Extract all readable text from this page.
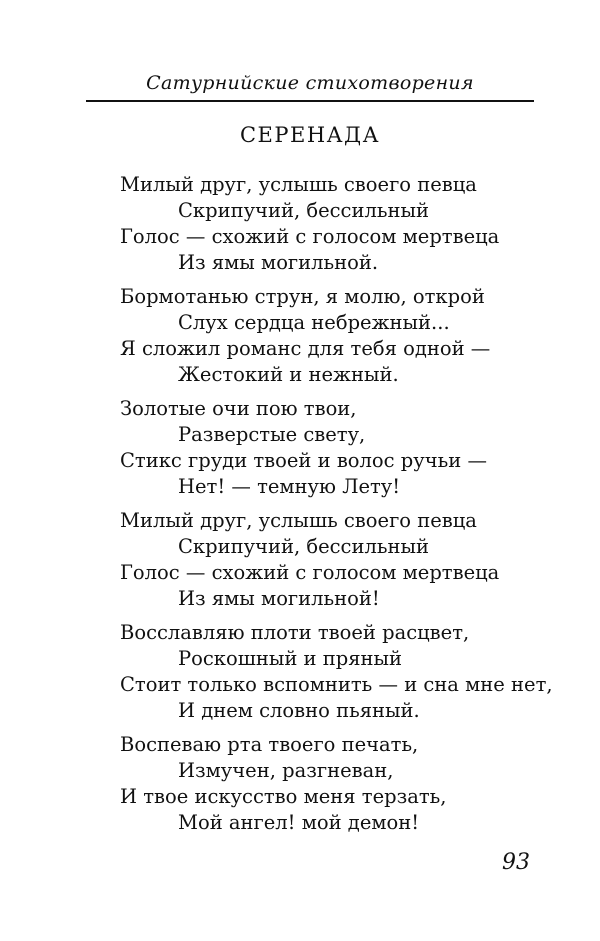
Сатурнийские стихотворения
СЕРЕНАДА
Милый друг, услышь своего певца
Скрипучий, бессильный
Голос — схожий с голосом мертвеца
Из ямы могильной.
Бормотанью струн, я молю, открой
Слух сердца небрежный...
Я сложил романс для тебя одной —
Жестокий и нежный.
Золотые очи пою твои,
Разверстые свету,
Стикс груди твоей и волос ручьи —
Нет! — темную Лету!
Милый друг, услышь своего певца
Скрипучий, бессильный
Голос — схожий с голосом мертвеца
Из ямы могильной!
Восславляю плоти твоей расцвет,
Роскошный и пряный
Стоит только вспомнить — и сна мне нет,
И днем словно пьяный.
Воспеваю рта твоего печать,
Измучен, разгневан,
И твое искусство меня терзать,
Мой ангел! мой демон!
93
